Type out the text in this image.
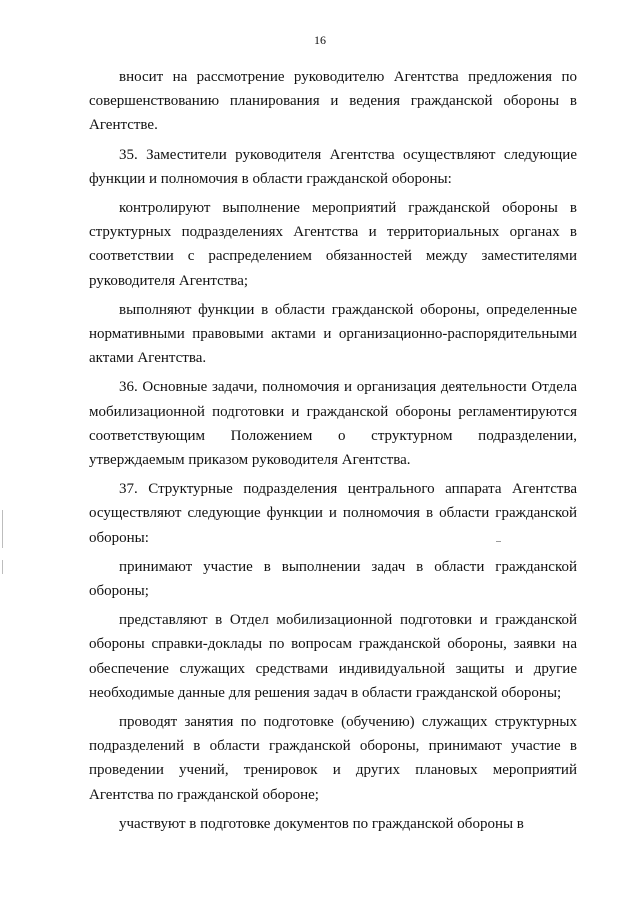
16

вносит на рассмотрение руководителю Агентства предложения по совершенствованию планирования и ведения гражданской обороны в Агентстве.

35. Заместители руководителя Агентства осуществляют следующие функции и полномочия в области гражданской обороны:

контролируют выполнение мероприятий гражданской обороны в структурных подразделениях Агентства и территориальных органах в соответствии с распределением обязанностей между заместителями руководителя Агентства;

выполняют функции в области гражданской обороны, определенные нормативными правовыми актами и организационно-распорядительными актами Агентства.

36. Основные задачи, полномочия и организация деятельности Отдела мобилизационной подготовки и гражданской обороны регламентируются соответствующим Положением о структурном подразделении, утверждаемым приказом руководителя Агентства.

37. Структурные подразделения центрального аппарата Агентства осуществляют следующие функции и полномочия в области гражданской обороны:

принимают участие в выполнении задач в области гражданской обороны;

представляют в Отдел мобилизационной подготовки и гражданской обороны справки-доклады по вопросам гражданской обороны, заявки на обеспечение служащих средствами индивидуальной защиты и другие необходимые данные для решения задач в области гражданской обороны;

проводят занятия по подготовке (обучению) служащих структурных подразделений в области гражданской обороны, принимают участие в проведении учений, тренировок и других плановых мероприятий Агентства по гражданской обороне;

участвуют в подготовке документов по гражданской обороны в
